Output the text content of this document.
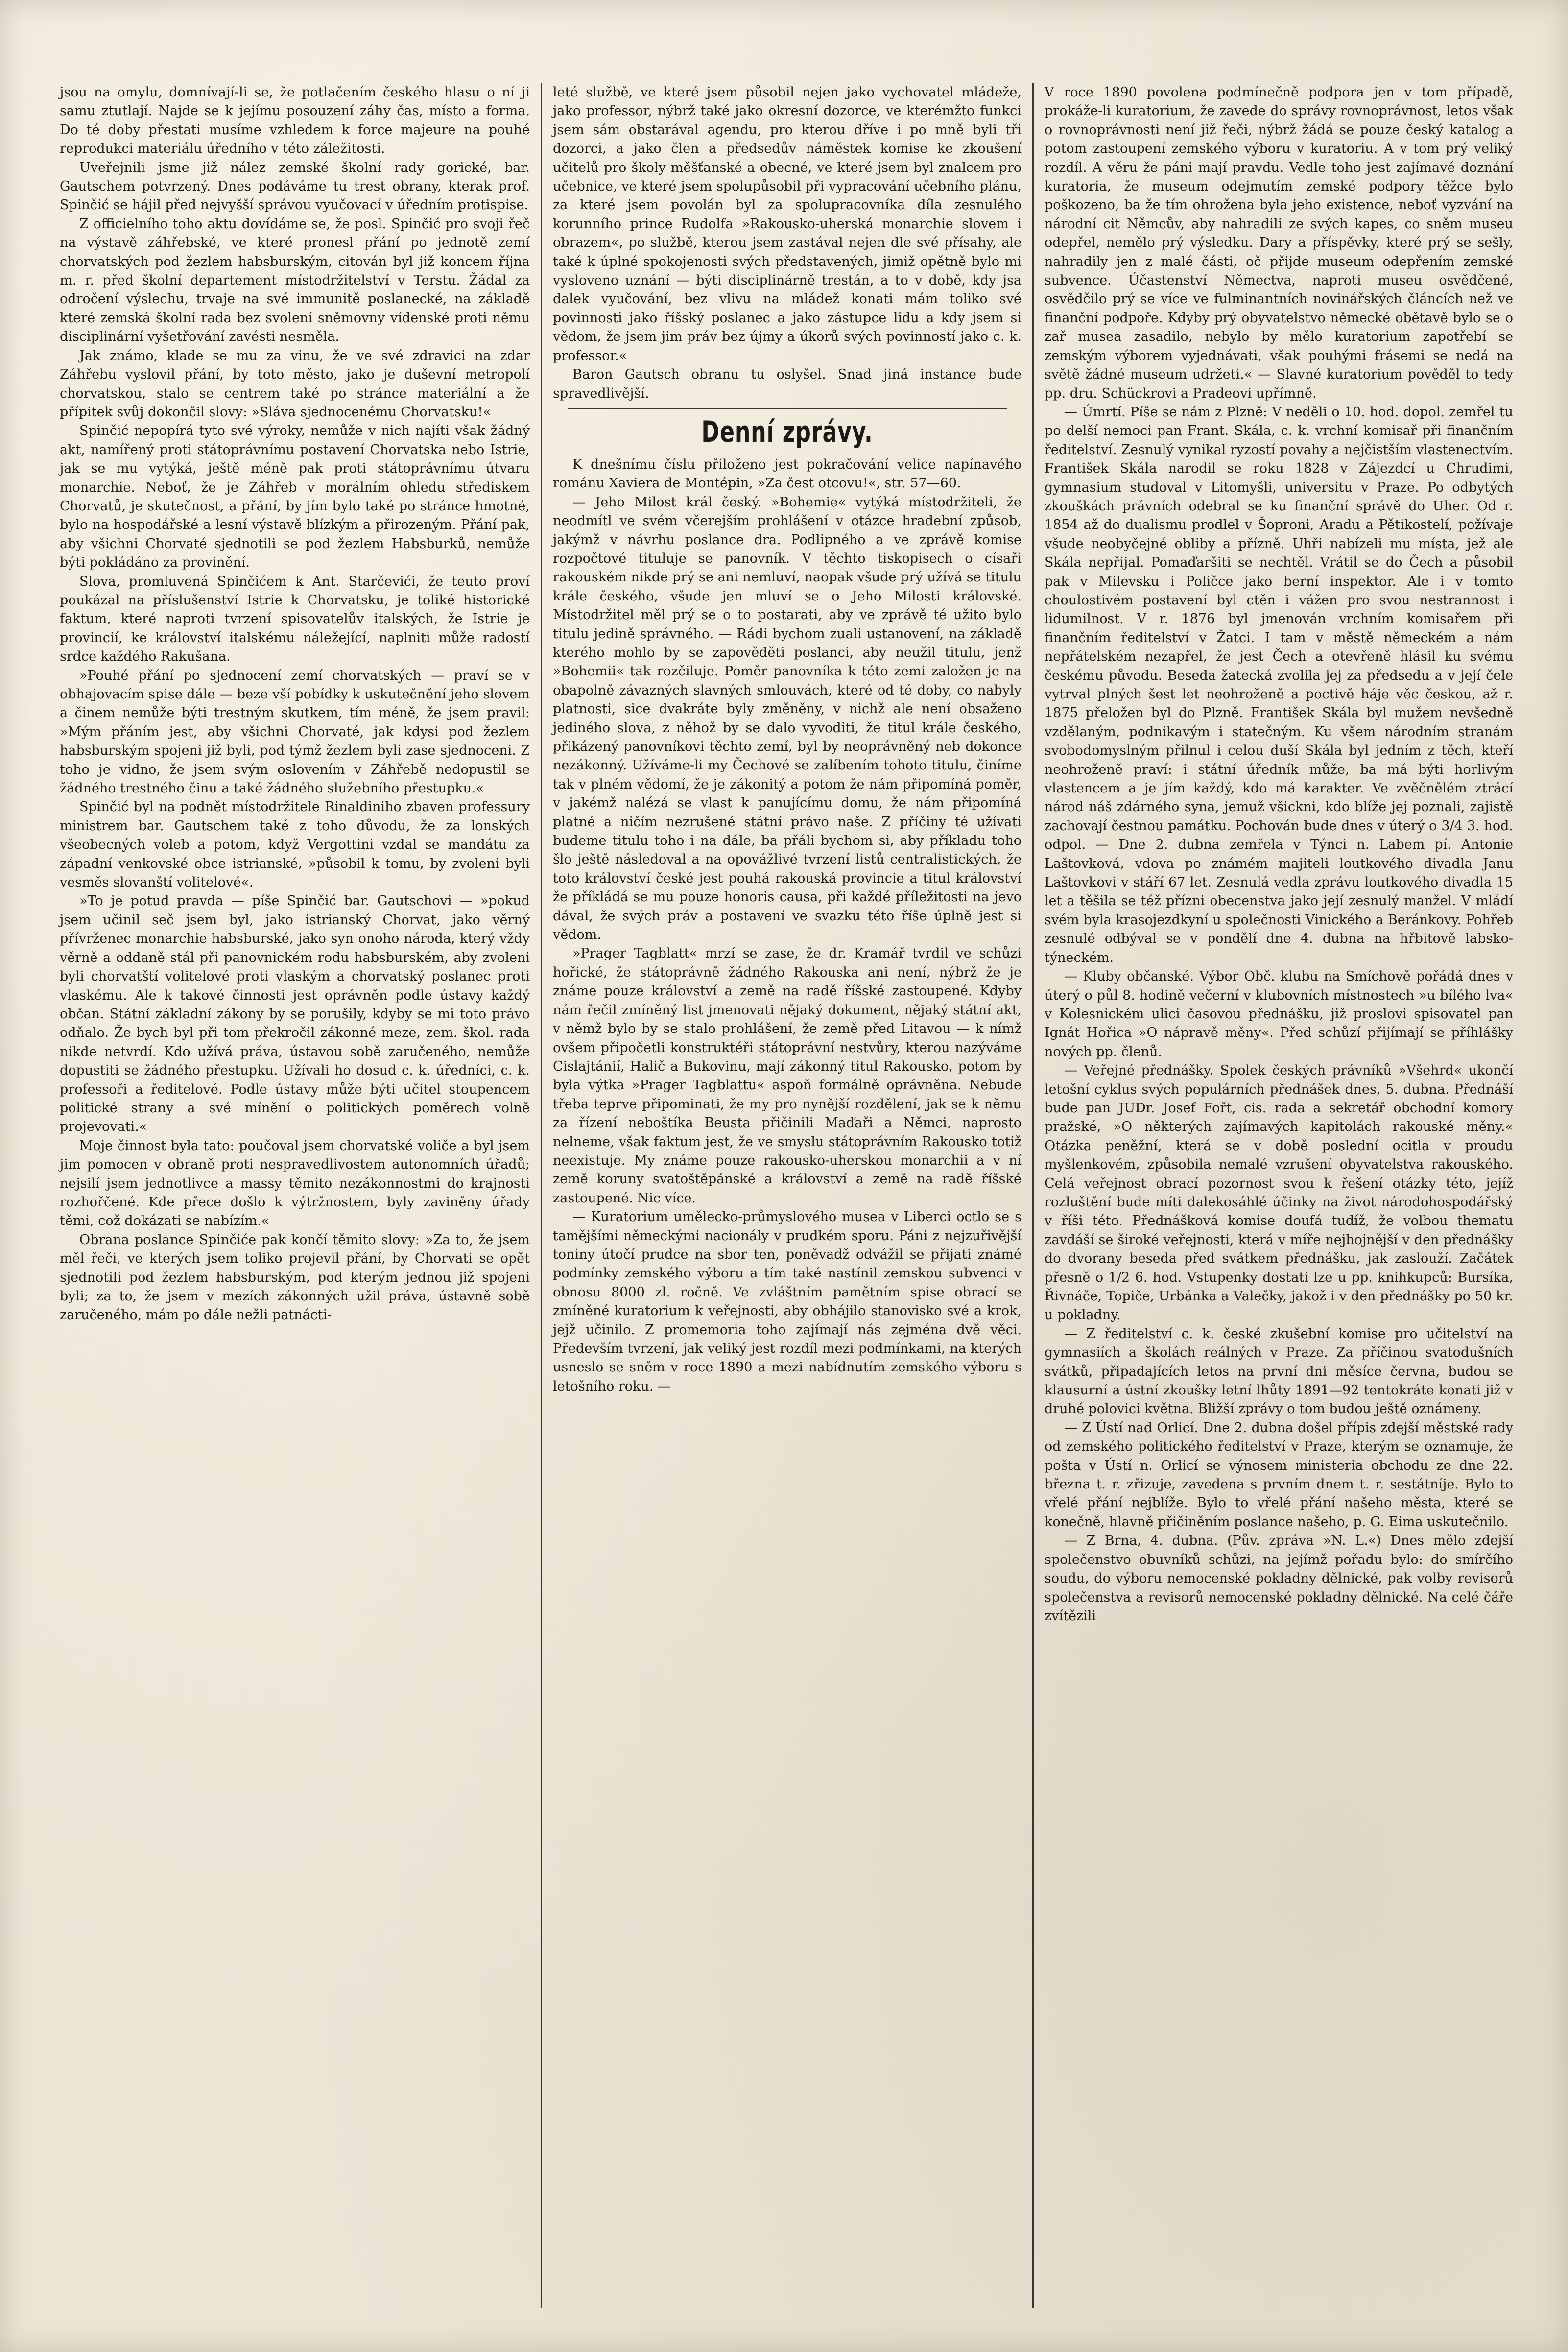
jsou na omylu, domnívají-li se, že potlačením českého hlasu o ní ji samu ztutlají. Najde se k jejímu posouzení záhy čas, místo a forma. Do té doby přestati musíme vzhledem k force majeure na pouhé reprodukci materiálu úředního v této záležitosti.

Uveřejnili jsme již nález zemské školní rady gorické, bar. Gautschem potvrzený. Dnes podáváme tu trest obrany, kterak prof. Spinčić se hájil před nejvyšší správou vyučovací v úředním protispise.

Z officielního toho aktu dovídáme se, že posl. Spinčić pro svoji řeč na výstavě záhřebské, ve které pronesl přání po jednotě zemí chorvatských pod žezlem habsburským, citován byl již koncem října m. r. před školní departement místodržitelství v Terstu. Žádal za odročení výslechu, trvaje na své immunitě poslanecké, na základě které zemská školní rada bez svolení sněmovny vídenské proti němu disciplinární vyšetřování zavésti nesměla.

Jak známo, klade se mu za vinu, že ve své zdravici na zdar Záhřebu vyslovil přání, by toto město, jako je duševní metropolí chorvatskou, stalo se centrem také po stránce materiální a že přípitek svůj dokončil slovy: »Sláva sjednocenému Chorvatsku!«

Spinčić nepopírá tyto své výroky, nemůže v nich najíti však žádný akt, namířený proti státoprávnímu postavení Chorvatska nebo Istrie, jak se mu vytýká, ještě méně pak proti státoprávnímu útvaru monarchie. Neboť, že je Záhřeb v morálním ohledu střediskem Chorvatů, je skutečnost, a přání, by jím bylo také po stránce hmotné, bylo na hospodářské a lesní výstavě blízkým a přirozeným. Přání pak, aby všichni Chorvaté sjednotili se pod žezlem Habsburků, nemůže býti pokládáno za provinění.

Slova, promluvená Spinčićem k Ant. Starčevići, že teuto proví poukázal na příslušenství Istrie k Chorvatsku, je toliké historické faktum, které naproti tvrzení spisovatelův italských, že Istrie je provincií, ke království italskému náležející, naplniti může radostí srdce každého Rakušana.

»Pouhé přání po sjednocení zemí chorvatských — praví se v obhajovacím spise dále — beze vší pobídky k uskutečnění jeho slovem a činem nemůže býti trestným skutkem, tím méně, že jsem pravil: »Mým přáním jest, aby všichni Chorvaté, jak kdysi pod žezlem habsburským spojeni již byli, pod týmž žezlem byli zase sjednoceni. Z toho je vidno, že jsem svým oslovením v Záhřebě nedopustil se žádného trestného činu a také žádného služebního přestupku.«

Spinčić byl na podnět místodržitele Rinaldiniho zbaven professury ministrem bar. Gautschem také z toho důvodu, že za lonských všeobecných voleb a potom, když Vergottini vzdal se mandátu za západní venkovské obce istrianské, »působil k tomu, by zvoleni byli vesměs slovanští volitelové«.

»To je potud pravda — píše Spinčić bar. Gautschovi — »pokud jsem učinil seč jsem byl, jako istrianský Chorvat, jako věrný přívrženec monarchie habsburské, jako syn onoho národa, který vždy věrně a oddaně stál při panovnickém rodu habsburském, aby zvoleni byli chorvatští volitelové proti vlaským a chorvatský poslanec proti vlaskému. Ale k takové činnosti jest oprávněn podle ústavy každý občan. Státní základní zákony by se porušily, kdyby se mi toto právo odňalo. Že bych byl při tom překročil zákonné meze, zem. škol. rada nikde netvrdí. Kdo užívá práva, ústavou sobě zaručeného, nemůže dopustiti se žádného přestupku. Užívali ho dosud c. k. úředníci, c. k. professoři a ředitelové. Podle ústavy může býti učitel stoupencem politické strany a své mínění o politických poměrech volně projevovati.«

Moje činnost byla tato: poučoval jsem chorvatské voliče a byl jsem jim pomocen v obraně proti nespravedlivostem autonomních úřadů; nejsilí jsem jednotlivce a massy těmito nezákonnostmi do krajnosti rozhořčené. Kde přece došlo k výtržnostem, byly zaviněny úřady těmi, což dokázati se nabízím.«

Obrana poslance Spinčiće pak končí těmito slovy: »Za to, že jsem měl řeči, ve kterých jsem toliko projevil přání, by Chorvati se opět sjednotili pod žezlem habsburským, pod kterým jednou již spojeni byli; za to, že jsem v mezích zákonných užil práva, ústavně sobě zaručeného, mám po dále nežli patnácti-

leté službě, ve které jsem působil nejen jako vychovatel mládeže, jako professor, nýbrž také jako okresní dozorce, ve kterémžto funkci jsem sám obstarával agendu, pro kterou dříve i po mně byli tři dozorci, a jako člen a předsedův náměstek komise ke zkoušení učitelů pro školy měšťanské a obecné, ve které jsem byl znalcem pro učebnice, ve které jsem spolupůsobil při vypracování učebního plánu, za které jsem povolán byl za spolupracovníka díla zesnulého korunního prince Rudolfa »Rakousko-uherská monarchie slovem i obrazem«, po službě, kterou jsem zastával nejen dle své přísahy, ale také k úplné spokojenosti svých představených, jimiž opětně bylo mi vysloveno uznání — býti disciplinárně trestán, a to v době, kdy jsa dalek vyučování, bez vlivu na mládež konati mám toliko své povinnosti jako říšský poslanec a jako zástupce lidu a kdy jsem si vědom, že jsem jim práv bez újmy a úkorů svých povinností jako c. k. professor.«

Baron Gautsch obranu tu oslyšel. Snad jiná instance bude spravedlivější.

Denní zprávy.

K dnešnímu číslu přiloženo jest pokračování velice napínavého románu Xaviera de Montépin, »Za čest otcovu!«, str. 57—60.

— Jeho Milost král český. »Bohemie« vytýká místodržiteli, že neodmítl ve svém včerejším prohlášení v otázce hradební způsob, jakýmž v návrhu poslance dra. Podlipného a ve zprávě komise rozpočtové tituluje se panovník. V těchto tiskopisech o císaři rakouském nikde prý se ani nemluví, naopak všude prý užívá se titulu krále českého, všude jen mluví se o Jeho Milosti královské. Místodržitel měl prý se o to postarati, aby ve zprávě té užito bylo titulu jedině správného. — Rádi bychom zuali ustanovení, na základě kterého mohlo by se zapověděti poslanci, aby neužil titulu, jenž »Bohemii« tak rozčiluje. Poměr panovníka k této zemi založen je na obapolně závazných slavných smlouvách, které od té doby, co nabyly platnosti, sice dvakráte byly změněny, v nichž ale není obsaženo jediného slova, z něhož by se dalo vyvoditi, že titul krále českého, přikázený panovníkovi těchto zemí, byl by neoprávněný neb dokonce nezákonný. Užíváme-li my Čechové se zalíbením tohoto titulu, činíme tak v plném vědomí, že je zákonitý a potom že nám připomíná poměr, v jakémž nalézá se vlast k panujícímu domu, že nám připomíná platné a ničím nezrušené státní právo naše. Z příčiny té užívati budeme titulu toho i na dále, ba přáli bychom si, aby příkladu toho šlo ještě následoval a na opovážlivé tvrzení listů centralistických, že toto království české jest pouhá rakouská provincie a titul království že příkládá se mu pouze honoris causa, při každé příležitosti na jevo dával, že svých práv a postavení ve svazku této říše úplně jest si vědom.

»Prager Tagblatt« mrzí se zase, že dr. Kramář tvrdil ve schůzi hořické, že státoprávně žádného Rakouska ani není, nýbrž že je známe pouze království a země na radě říšské zastoupené. Kdyby nám řečil zmíněný list jmenovati nějaký dokument, nějaký státní akt, v němž bylo by se stalo prohlášení, že země před Litavou — k nímž ovšem připočetli konstruktéři státoprávní nestvůry, kterou nazýváme Cislajtánií, Halič a Bukovinu, mají zákonný titul Rakousko, potom by byla výtka »Prager Tagblattu« aspoň formálně oprávněna. Nebude třeba teprve připominati, že my pro nynější rozdělení, jak se k němu za řízení neboštíka Beusta přičinili Maďaři a Němci, naprosto nelneme, však faktum jest, že ve smyslu státoprávním Rakousko totiž neexistuje. My známe pouze rakousko-uherskou monarchii a v ní země koruny svatoštěpánské a království a země na radě říšské zastoupené. Nic více.

— Kuratorium umělecko-průmyslového musea v Liberci octlo se s tamějšími německými nacionály v prudkém sporu. Páni z nejzuřivější toniny útočí prudce na sbor ten, poněvadž odvážil se přijati známé podmínky zemského výboru a tím také nastínil zemskou subvenci v obnosu 8000 zl. ročně. Ve zvláštním pamětním spise obrací se zmíněné kuratorium k veřejnosti, aby obhájilo stanovisko své a krok, jejž učinilo. Z promemoria toho zajímají nás zejména dvě věci. Především tvrzení, jak veliký jest rozdíl mezi podmínkami, na kterých usneslo se sněm v roce 1890 a mezi nabídnutím zemského výboru s letošního roku. —

V roce 1890 povolena podmínečně podpora jen v tom případě, prokáže-li kuratorium, že zavede do správy rovnoprávnost, letos však o rovnoprávnosti není již řeči, nýbrž žádá se pouze český katalog a potom zastoupení zemského výboru v kuratoriu. A v tom prý veliký rozdíl. A věru že páni mají pravdu. Vedle toho jest zajímavé doznání kuratoria, že museum odejmutím zemské podpory těžce bylo poškozeno, ba že tím ohrožena byla jeho existence, neboť vyzvání na národní cit Němcův, aby nahradili ze svých kapes, co sněm museu odepřel, nemělo prý výsledku. Dary a příspěvky, které prý se sešly, nahradily jen z malé části, oč přijde museum odepřením zemské subvence. Účastenství Němectva, naproti museu osvědčené, osvědčilo prý se více ve fulminantních novinářských článcích než ve finanční podpoře. Kdyby prý obyvatelstvo německé obětavě bylo se o zař musea zasadilo, nebylo by mělo kuratorium zapotřebí se zemským výborem vyjednávati, však pouhými frásemi se nedá na světě žádné museum udržeti.« — Slavné kuratorium pověděl to tedy pp. dru. Schückrovi a Pradeovi upřímně.

— Úmrtí. Píše se nám z Plzně: V neděli o 10. hod. dopol. zemřel tu po delší nemoci pan Frant. Skála, c. k. vrchní komisař při finančním ředitelství. Zesnulý vynikal ryzostí povahy a nejčistším vlastenectvím. František Skála narodil se roku 1828 v Zájezdcí u Chrudimi, gymnasium studoval v Litomyšli, universitu v Praze. Po odbytých zkouškách právních odebral se ku finanční správě do Uher. Od r. 1854 až do dualismu prodlel v Šoproni, Aradu a Pětikostelí, požívaje všude neobyčejné obliby a přízně. Uhři nabízeli mu místa, jež ale Skála nepřijal. Pomaďaršiti se nechtěl. Vrátil se do Čech a působil pak v Milevsku i Poličce jako berní inspektor. Ale i v tomto choulostivém postavení byl ctěn i vážen pro svou nestrannost i lidumilnost. V r. 1876 byl jmenován vrchním komisařem při finančním ředitelství v Žatci. I tam v městě německém a nám nepřátelském nezapřel, že jest Čech a otevřeně hlásil ku svému českému původu. Beseda žatecká zvolila jej za předsedu a v její čele vytrval plných šest let neohroženě a poctivě háje věc českou, až r. 1875 přeložen byl do Plzně. František Skála byl mužem nevšedně vzdělaným, podnikavým i statečným. Ku všem národním stranám svobodomyslným přilnul i celou duší Skála byl jedním z těch, kteří neohroženě praví: i státní úředník může, ba má býti horlivým vlastencem a je jím každý, kdo má karakter. Ve zvěčnělém ztrácí národ náš zdárného syna, jemuž všickni, kdo blíže jej poznali, zajistě zachovají čestnou památku. Pochován bude dnes v úterý o 3/4 3. hod. odpol. — Dne 2. dubna zemřela v Týnci n. Labem pí. Antonie Laštovková, vdova po známém majiteli loutkového divadla Janu Laštovkovi v stáří 67 let. Zesnulá vedla zprávu loutkového divadla 15 let a těšila se též přízni obecenstva jako její zesnulý manžel. V mládí svém byla krasojezdkyní u společnosti Vinického a Beránkovy. Pohřeb zesnulé odbýval se v pondělí dne 4. dubna na hřbitově labsko-týneckém.

— Kluby občanské. Výbor Obč. klubu na Smíchově pořádá dnes v úterý o půl 8. hodině večerní v klubovních místnostech »u bílého lva« v Kolesnickém ulici časovou přednášku, již proslovi spisovatel pan Ignát Hořica »O nápravě měny«. Před schůzí přijímají se příhlášky nových pp. členů.

— Veřejné přednášky. Spolek českých právníků »Všehrd« ukončí letošní cyklus svých populárních přednášek dnes, 5. dubna. Přednáší bude pan JUDr. Josef Fořt, cis. rada a sekretář obchodní komory pražské, »O některých zajímavých kapitolách rakouské měny.« Otázka peněžní, která se v době poslední ocitla v proudu myšlenkovém, způsobila nemalé vzrušení obyvatelstva rakouského. Celá veřejnost obrací pozornost svou k řešení otázky této, jejíž rozluštění bude míti dalekosáhlé účinky na život národohospodářský v říši této. Přednášková komise doufá tudíž, že volbou thematu zavdáší se široké veřejnosti, která v míře nejhojnější v den přednášky do dvorany beseda před svátkem přednášku, jak zaslouží. Začátek přesně o 1/2 6. hod. Vstupenky dostati lze u pp. knihkupců: Bursíka, Řivnáče, Topiče, Urbánka a Valečky, jakož i v den přednášky po 50 kr. u pokladny.

— Z ředitelství c. k. české zkušební komise pro učitelství na gymnasiích a školách reálných v Praze. Za příčinou svatodušních svátků, připadajících letos na první dni měsíce června, budou se klausurní a ústní zkoušky letní lhůty 1891—92 tentokráte konati již v druhé polovici května. Bližší zprávy o tom budou ještě oznámeny.

— Z Ústí nad Orlicí. Dne 2. dubna došel přípis zdejší městské rady od zemského politického ředitelství v Praze, kterým se oznamuje, že pošta v Ústí n. Orlicí se výnosem ministeria obchodu ze dne 22. března t. r. zřizuje, zavedena s prvním dnem t. r. sestátníje. Bylo to vřelé přání nejblíže. Bylo to vřelé přání našeho města, které se konečně, hlavně přičiněním poslance našeho, p. G. Eima uskutečnilo.

— Z Brna, 4. dubna. (Pův. zpráva »N. L.«) Dnes mělo zdejší společenstvo obuvníků schůzi, na jejímž pořadu bylo: do smírčího soudu, do výboru nemocenské pokladny dělnické, pak volby revisorů společenstva a revisorů nemocenské pokladny dělnické. Na celé čáře zvítězili
